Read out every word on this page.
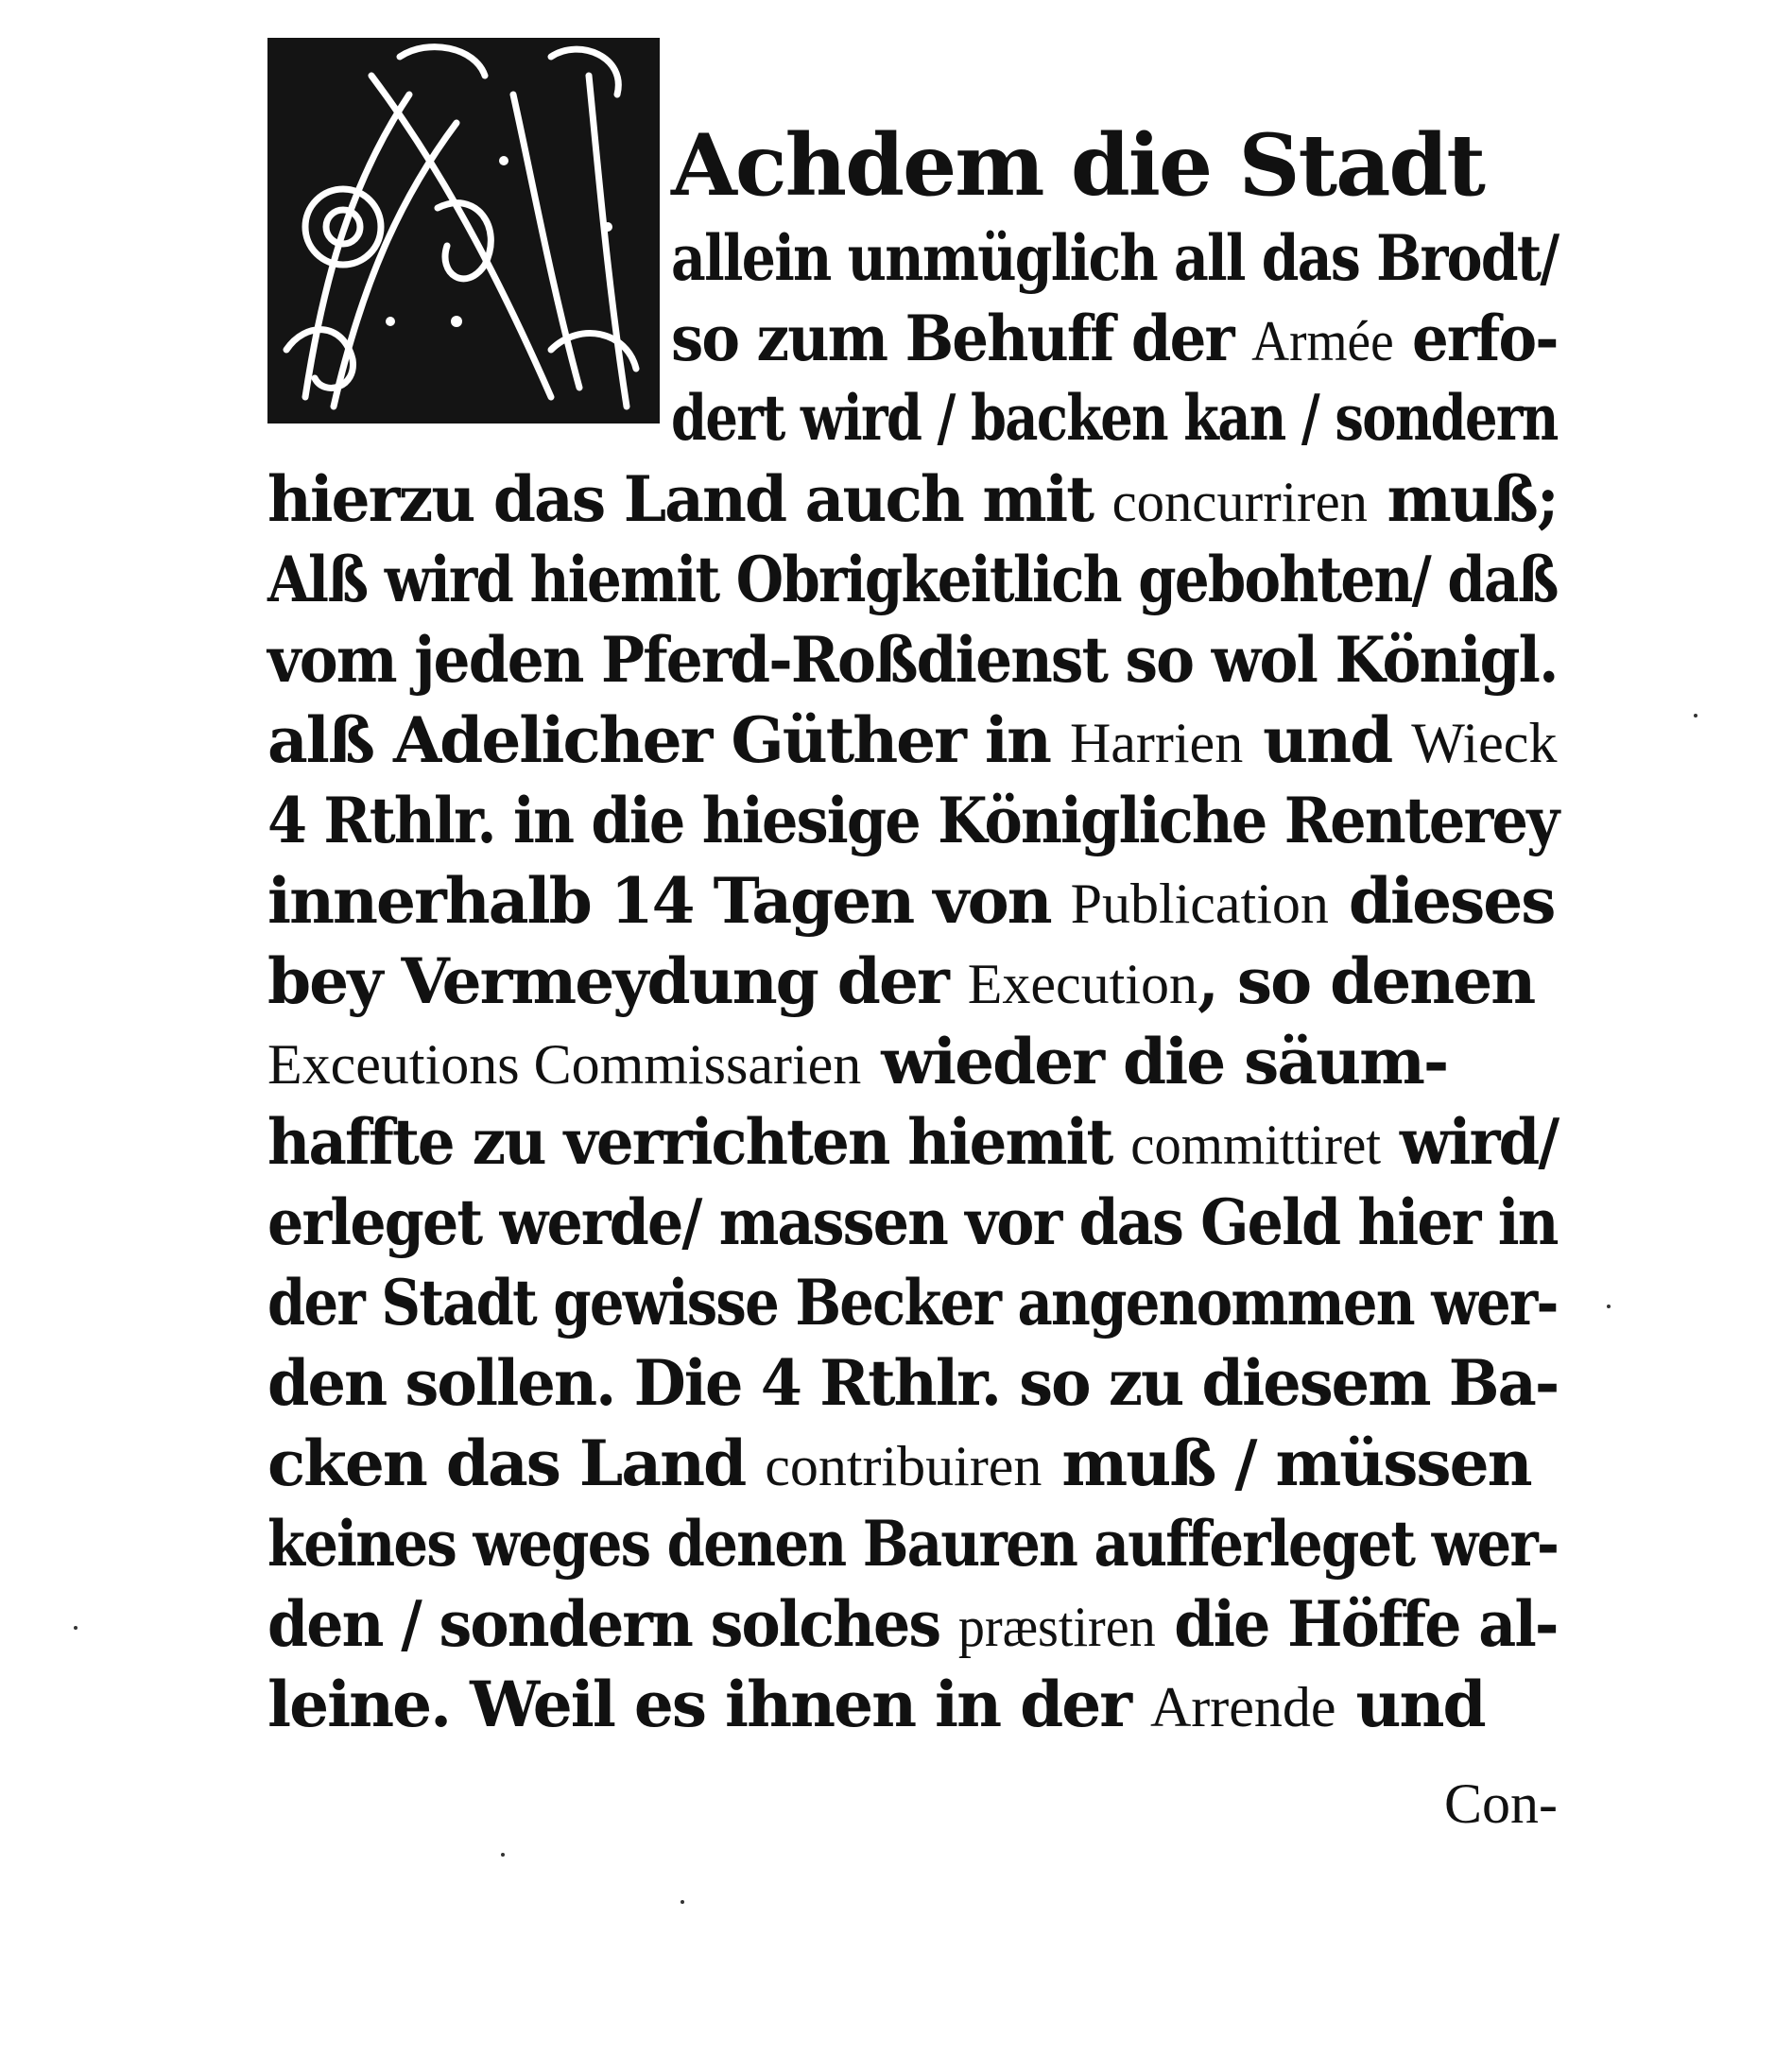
Achdem die Stadt
allein unmüglich all das Brodt/
so zum Behuff der Armée erfo-
dert wird / backen kan / sondern
hierzu das Land auch mit concurriren muß;
Alß wird hiemit Obrigkeitlich gebohten/ daß
vom jeden Pferd-Roßdienst so wol Königl.
alß Adelicher Güther in Harrien und Wieck
4 Rthlr. in die hiesige Königliche Renterey
innerhalb 14 Tagen von Publication dieses
bey Vermeydung der Execution, so denen
Exceutions Commissarien wieder die säum-
haffte zu verrichten hiemit committiret wird/
erleget werde/ massen vor das Geld hier in
der Stadt gewisse Becker angenommen wer-
den sollen. Die 4 Rthlr. so zu diesem Ba-
cken das Land contribuiren muß / müssen
keines weges denen Bauren aufferleget wer-
den / sondern solches præstiren die Höffe al-
leine. Weil es ihnen in der Arrende und
Con-
